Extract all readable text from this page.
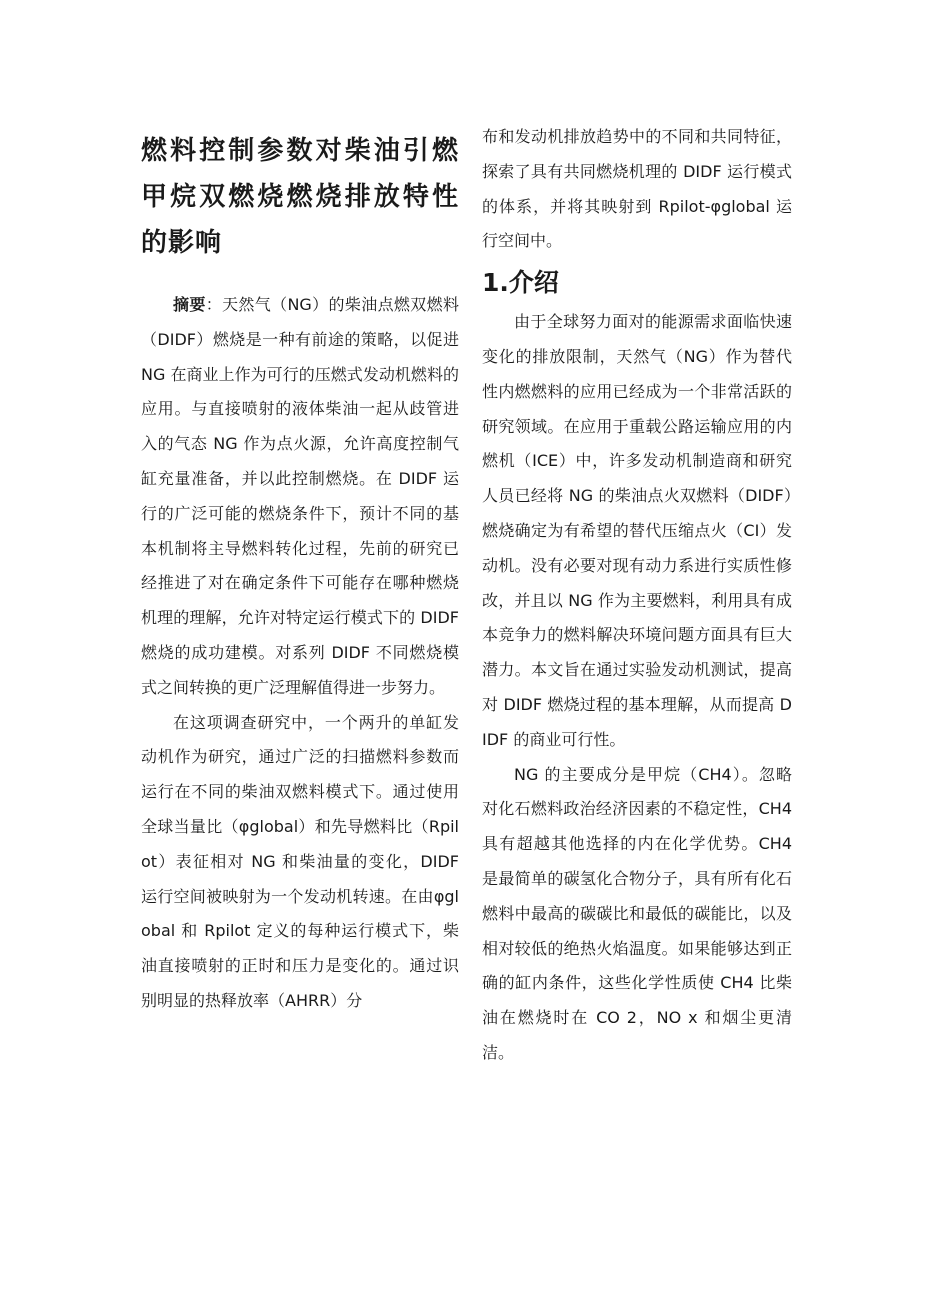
燃料控制参数对柴油引燃甲烷双燃烧燃烧排放特性的影响

摘要：天然气（NG）的柴油点燃双燃料（DIDF）燃烧是一种有前途的策略，以促进 NG 在商业上作为可行的压燃式发动机燃料的应用。与直接喷射的液体柴油一起从歧管进入的气态 NG 作为点火源，允许高度控制气缸充量准备，并以此控制燃烧。在 DIDF 运行的广泛可能的燃烧条件下，预计不同的基本机制将主导燃料转化过程，先前的研究已经推进了对在确定条件下可能存在哪种燃烧机理的理解，允许对特定运行模式下的 DIDF 燃烧的成功建模。对系列 DIDF 不同燃烧模式之间转换的更广泛理解值得进一步努力。

在这项调查研究中，一个两升的单缸发动机作为研究，通过广泛的扫描燃料参数而运行在不同的柴油双燃料模式下。通过使用全球当量比（φglobal）和先导燃料比（Rpilot）表征相对 NG 和柴油量的变化，DIDF 运行空间被映射为一个发动机转速。在由φglobal 和 Rpilot 定义的每种运行模式下，柴油直接喷射的正时和压力是变化的。通过识别明显的热释放率（AHRR）分

布和发动机排放趋势中的不同和共同特征，探索了具有共同燃烧机理的 DIDF 运行模式的体系，并将其映射到 Rpilot-φglobal 运行空间中。

1.介绍

由于全球努力面对的能源需求面临快速变化的排放限制，天然气（NG）作为替代性内燃燃料的应用已经成为一个非常活跃的研究领域。在应用于重载公路运输应用的内燃机（ICE）中，许多发动机制造商和研究人员已经将 NG 的柴油点火双燃料（DIDF）燃烧确定为有希望的替代压缩点火（CI）发动机。没有必要对现有动力系进行实质性修改，并且以 NG 作为主要燃料，利用具有成本竞争力的燃料解决环境问题方面具有巨大潜力。本文旨在通过实验发动机测试，提高对 DIDF 燃烧过程的基本理解，从而提高 DIDF 的商业可行性。

NG 的主要成分是甲烷（CH4）。忽略对化石燃料政治经济因素的不稳定性，CH4 具有超越其他选择的内在化学优势。CH4 是最简单的碳氢化合物分子，具有所有化石燃料中最高的碳碳比和最低的碳能比，以及相对较低的绝热火焰温度。如果能够达到正确的缸内条件，这些化学性质使 CH4 比柴油在燃烧时在 CO 2，NO x 和烟尘更清洁。
